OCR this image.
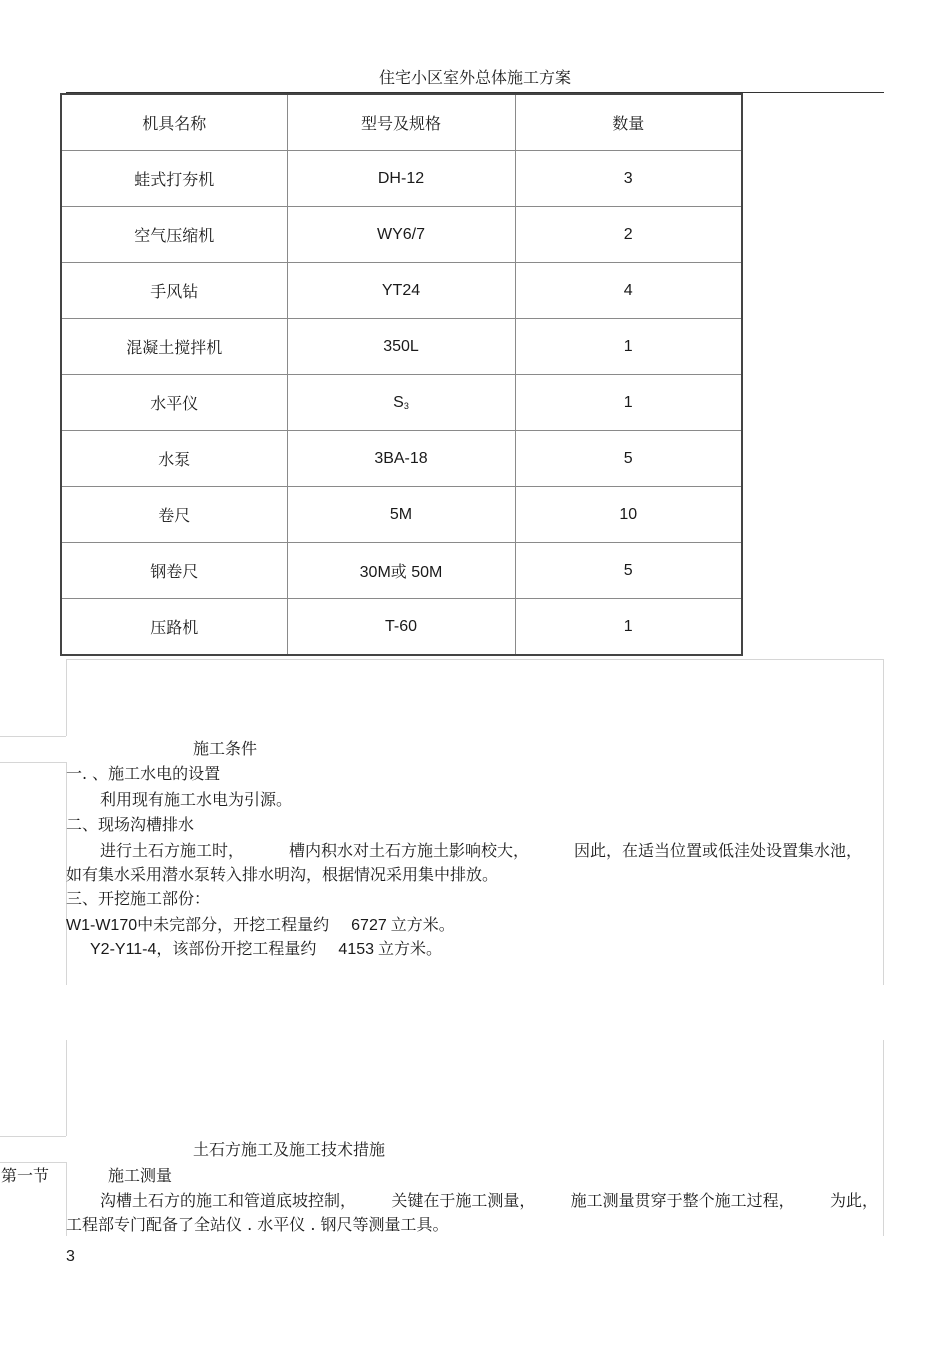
住宅小区室外总体施工方案
机具名称	型号及规格	数量
蛙式打夯机	DH-12	3
空气压缩机	WY6/7	2
手风钻	YT24	4
混凝土搅拌机	350L	1
水平仪	$S_3$	1
水泵	3BA-18	5
卷尺	5M	10
钢卷尺	30M或 50M	5
压路机	T-60	1
施工条件
一. 、施工水电的设置
利用现有施工水电为引源。
二、现场沟槽排水
进行土石方施工时，	槽内积水对土石方施土影响校大，	因此，在适当位置或低洼处设置集水池，
如有集水采用潜水泵转入排水明沟，根据情况采用集中排放。
三、开挖施工部份：
W1-W170中未完部分，开挖工程量约 6727 立方米。
Y2-Y11-4，该部份开挖工程量约 4153 立方米。
土石方施工及施工技术措施
第一节	施工测量
沟槽土石方的施工和管道底坡控制， 关键在于施工测量， 施工测量贯穿于整个施工过程， 为此，
工程部专门配备了全站仪 . 水平仪 . 钢尺等测量工具。
3
